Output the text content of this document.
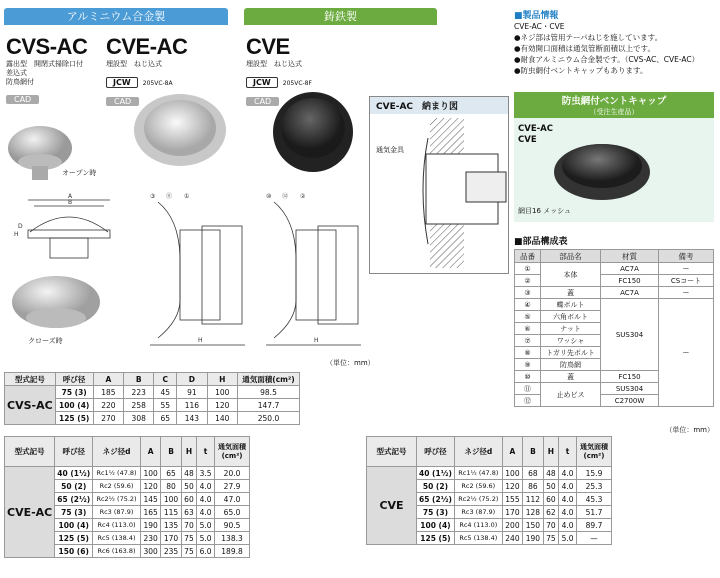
アルミニウム合金製	鋳鉄製
CVS-AC
露出型　 開閉式掃除口付
差込式
防鳥網付
CAD
CVE-AC
埋設型　 ねじ込式
JCW 205VC-8A
CAD
CVE
埋設型　 ねじ込式
JCW 205VC-8F
CAD
オープン時
A
B
H
D
クローズ時
③ ⑪ ①
H
⑩ ⑫ ②
H
（単位：mm）
CVE-AC　納まり図
通気金具
■製品情報
CVE-AC・CVE
●ネジ部は管用テーパねじを施しています。
●有効開口面積は通気管断面積以上です。
●耐食アルミニウム合金製です。（CVS-AC、CVE-AC）
●防虫網付ベントキャップもあります。
防虫網付ベントキャップ
（受注生産品）
CVE-AC
CVE
網目16 メッシュ
■部品構成表
品番	部品名	材質	備考
①	本体	AC7A	ー
②		FC150	CSコート
③	蓋	AC7A	ー
④	蝶ボルト	SUS304	ー
⑤	六角ボルト		
⑥	ナット		
⑦	ワッシャ		
⑧	トガリ先ボルト		
⑨	防鳥網		
⑩	蓋	FC150	
⑪	止めビス	SUS304	
⑫		C2700W	
（単位：mm）
型式記号	呼び径	A	B	C	D	H	通気面積(cm²)
CVS-AC	75 (3)	185	223	45	91	100	98.5
	100 (4)	220	258	55	116	120	147.7
	125 (5)	270	308	65	143	140	250.0
型式記号	呼び径	ネジ径d	A	B	H	t	通気面積
(cm²)
CVE-AC	40 (1½)	Rc1½ (47.8)	100	65	48	3.5	20.0
	50 (2)	Rc2 (59.6)	120	80	50	4.0	27.9
	65 (2½)	Rc2½ (75.2)	145	100	60	4.0	47.0
	75 (3)	Rc3 (87.9)	165	115	63	4.0	65.0
	100 (4)	Rc4 (113.0)	190	135	70	5.0	90.5
	125 (5)	Rc5 (138.4)	230	170	75	5.0	138.3
	150 (6)	Rc6 (163.8)	300	235	75	6.0	189.8
型式記号	呼び径	ネジ径d	A	B	H	t	通気面積
(cm²)
CVE	40 (1½)	Rc1½ (47.8)	100	68	48	4.0	15.9
	50 (2)	Rc2 (59.6)	120	86	50	4.0	25.3
	65 (2½)	Rc2½ (75.2)	155	112	60	4.0	45.3
	75 (3)	Rc3 (87.9)	170	128	62	4.0	51.7
	100 (4)	Rc4 (113.0)	200	150	70	4.0	89.7
	125 (5)	Rc5 (138.4)	240	190	75	5.0	—
